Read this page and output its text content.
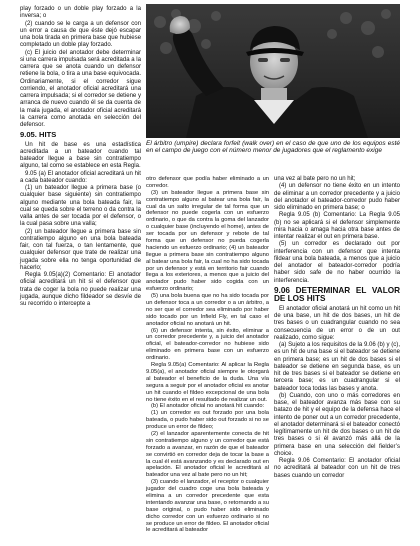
play forzado o un doble play forzado a la inversa; o

(2) cuando se le carga a un defensor con un error a causa de que éste dejó escapar una bola tirada en primera base que hubiese completado un doble play forzado.

(c) El juicio del anotador debe determinar si una carrera impulsada será acreditada a la carrera que se anota cuando un defensor retiene la bola, o tira a una base equivocada. Ordinariamente, si el corredor sigue corriendo, el anotador oficial acreditará una carrera impulsada; si el corredor se detiene y arranca de nuevo cuando él se da cuenta de la mala jugada, el anotador oficial acreditará la carrera como anotada en selección del defensor.

9.05. HITS

Un hit de base es una estadística acreditada a un bateador cuando tal bateador llegue a base sin contratiempo alguno, tal como se establece en esta Regla.

9.05 (a) El anotador oficial acreditará un hit a cada bateador cuando:

(1) un bateador llegue a primera base (o cualquier base siguiente) sin contratiempo alguno mediante una bola bateada fair, la cual se queda sobre el terreno o da contra la valla antes de ser tocada por el defensor, o la cual pasa sobre una valla;

(2) un bateador llegue a primera base sin contratiempo alguno en una bola bateada fair, con tal fuerza, o tan lentamente, que cualquier defensor que trate de realizar una jugada sobre ella no tenga oportunidad de hacerlo;

Regla 9.05(a)(2) Comentario: El anotador oficial acreditará un hit si el defensor que trata de coger la bola no puede realizar una jugada, aunque dicho fildeador se desvíe de su recorrido o intercepte a

El árbitro (umpire) declara forfeit (walk over) en el caso de que uno de los equipos esté en el campo de juego con el número menor de jugadores que el reglamento exige

otro defensor que podía haber eliminado a un corredor.

(3) un bateador llegue a primera base sin contratiempo alguno al batear una bola fair, la cual da un salto irregular de tal forma que un defensor no puede cogerla con un esfuerzo ordinario, o que da contra la goma del lanzador o cualquier base (incluyendo el home), antes de ser tocada por un defensor y rebote de tal forma que un defensor no pueda cogerla haciendo un esfuerzo ordinario; (4) un bateador llegue a primera base sin contratiempo alguno al batear una bola fair, la cual no ha sido tocada por un defensor y está en territorio fair cuando llega a los exteriores, a menos que a juicio del anotador pudo haber sido cogida con un esfuerzo ordinario;

(5) una bola buena que no ha sido tocada por un defensor toca a un corredor o a un árbitro, a no ser que el corredor sea eliminado por haber sido tocado por un Infield Fly, en tal caso el anotador oficial no anotará un hit.

(6) un defensor intenta, sin éxito, eliminar a un corredor precedente y, a juicio del anotador oficial, el bateador-corredor no hubiese sido eliminado en primera base con un esfuerzo ordinario.

Regla 9.05(a) Comentario: Al aplicar la Regla 9.05(a), el anotador oficial siempre le otorgará al bateador el beneficio de la duda. Una vía segura a seguir por el anotador oficial es anotar un hit cuando el fildeo excepcional de una bola no tiene éxito en el resultado de realizar un out.

(b) El anotador oficial no anotará hit cuando:

(1) un corredor es out forzado por una bola bateada, o pudo haber sido out forzado si no se produce un error de fildeo;

(2) el lanzador aparentemente conecta de hit sin contratiempo alguno y un corredor que está forzado a avanzar, en razón de que el bateador se convirtió en corredor deja de tocar la base a la cual él está avanzando y es declarado out en apelación. El anotador oficial le acreditará al bateador una vez al bate pero no un hit;

(3) cuando el lanzador, el receptor o cualquier jugador del cuadro coge una bola bateada y elimina a un corredor precedente que esta intentando avanzar una base, o retornando a su base original, o pudo haber sido eliminado dicho corredor con un esfuerzo ordinario si no se produce un error de fildeo. El anotador oficial le acreditará al bateador

una vez al bate pero no un hit;

(4) un defensor no tiene éxito en un intento de eliminar a un corredor precedente y a juicio del anotador el bateador-corredor pudo haber sido eliminado en primera base; o

Regla 9.05 (b) Comentario: La Regla 9.05 (b) no se aplicará si el defensor simplemente mira hacia o amaga hacia otra base antes de intentar realizar el out en primera base.

(5) un corredor es declarado out por interferencia con un defensor que intenta fildear una bola bateada, a menos que a juicio del anotador el bateador-corredor podría haber sido safe de no haber ocurrido la interferencia.

9.06 DETERMINAR EL VALOR DE LOS HITS

El anotador oficial anotará un hit como un hit de una base, un hit de dos bases, un hit de tres bases o un cuadrangular cuando no sea consecuencia de un error o de un out realizado, como sigue:

(a) Sujeto a los requisitos de la 9.06 (b) y (c), es un hit de una base si el bateador se detiene en primera base; es un hit de dos bases si el bateador se detiene en segunda base, es un hit de tres bases si el bateador se detiene en tercera base; es un cuadrangular si el bateador toca todas las bases y anota.

(b) Cuando, con uno o más corredores en base, el bateador avanza más base con su batazo de hit y el equipo de la defensa hace el intento de poner out a un corredor precedente, el anotador determinará si el bateador conectó legítimamente un hit de dos bases o un hit de tres bases o si él avanzó más allá de la primera base en una selección del fielder’s choice.

Regla 9.06 Comentario: El anotador oficial no acreditará al bateador con un hit de tres bases cuando un corredor
